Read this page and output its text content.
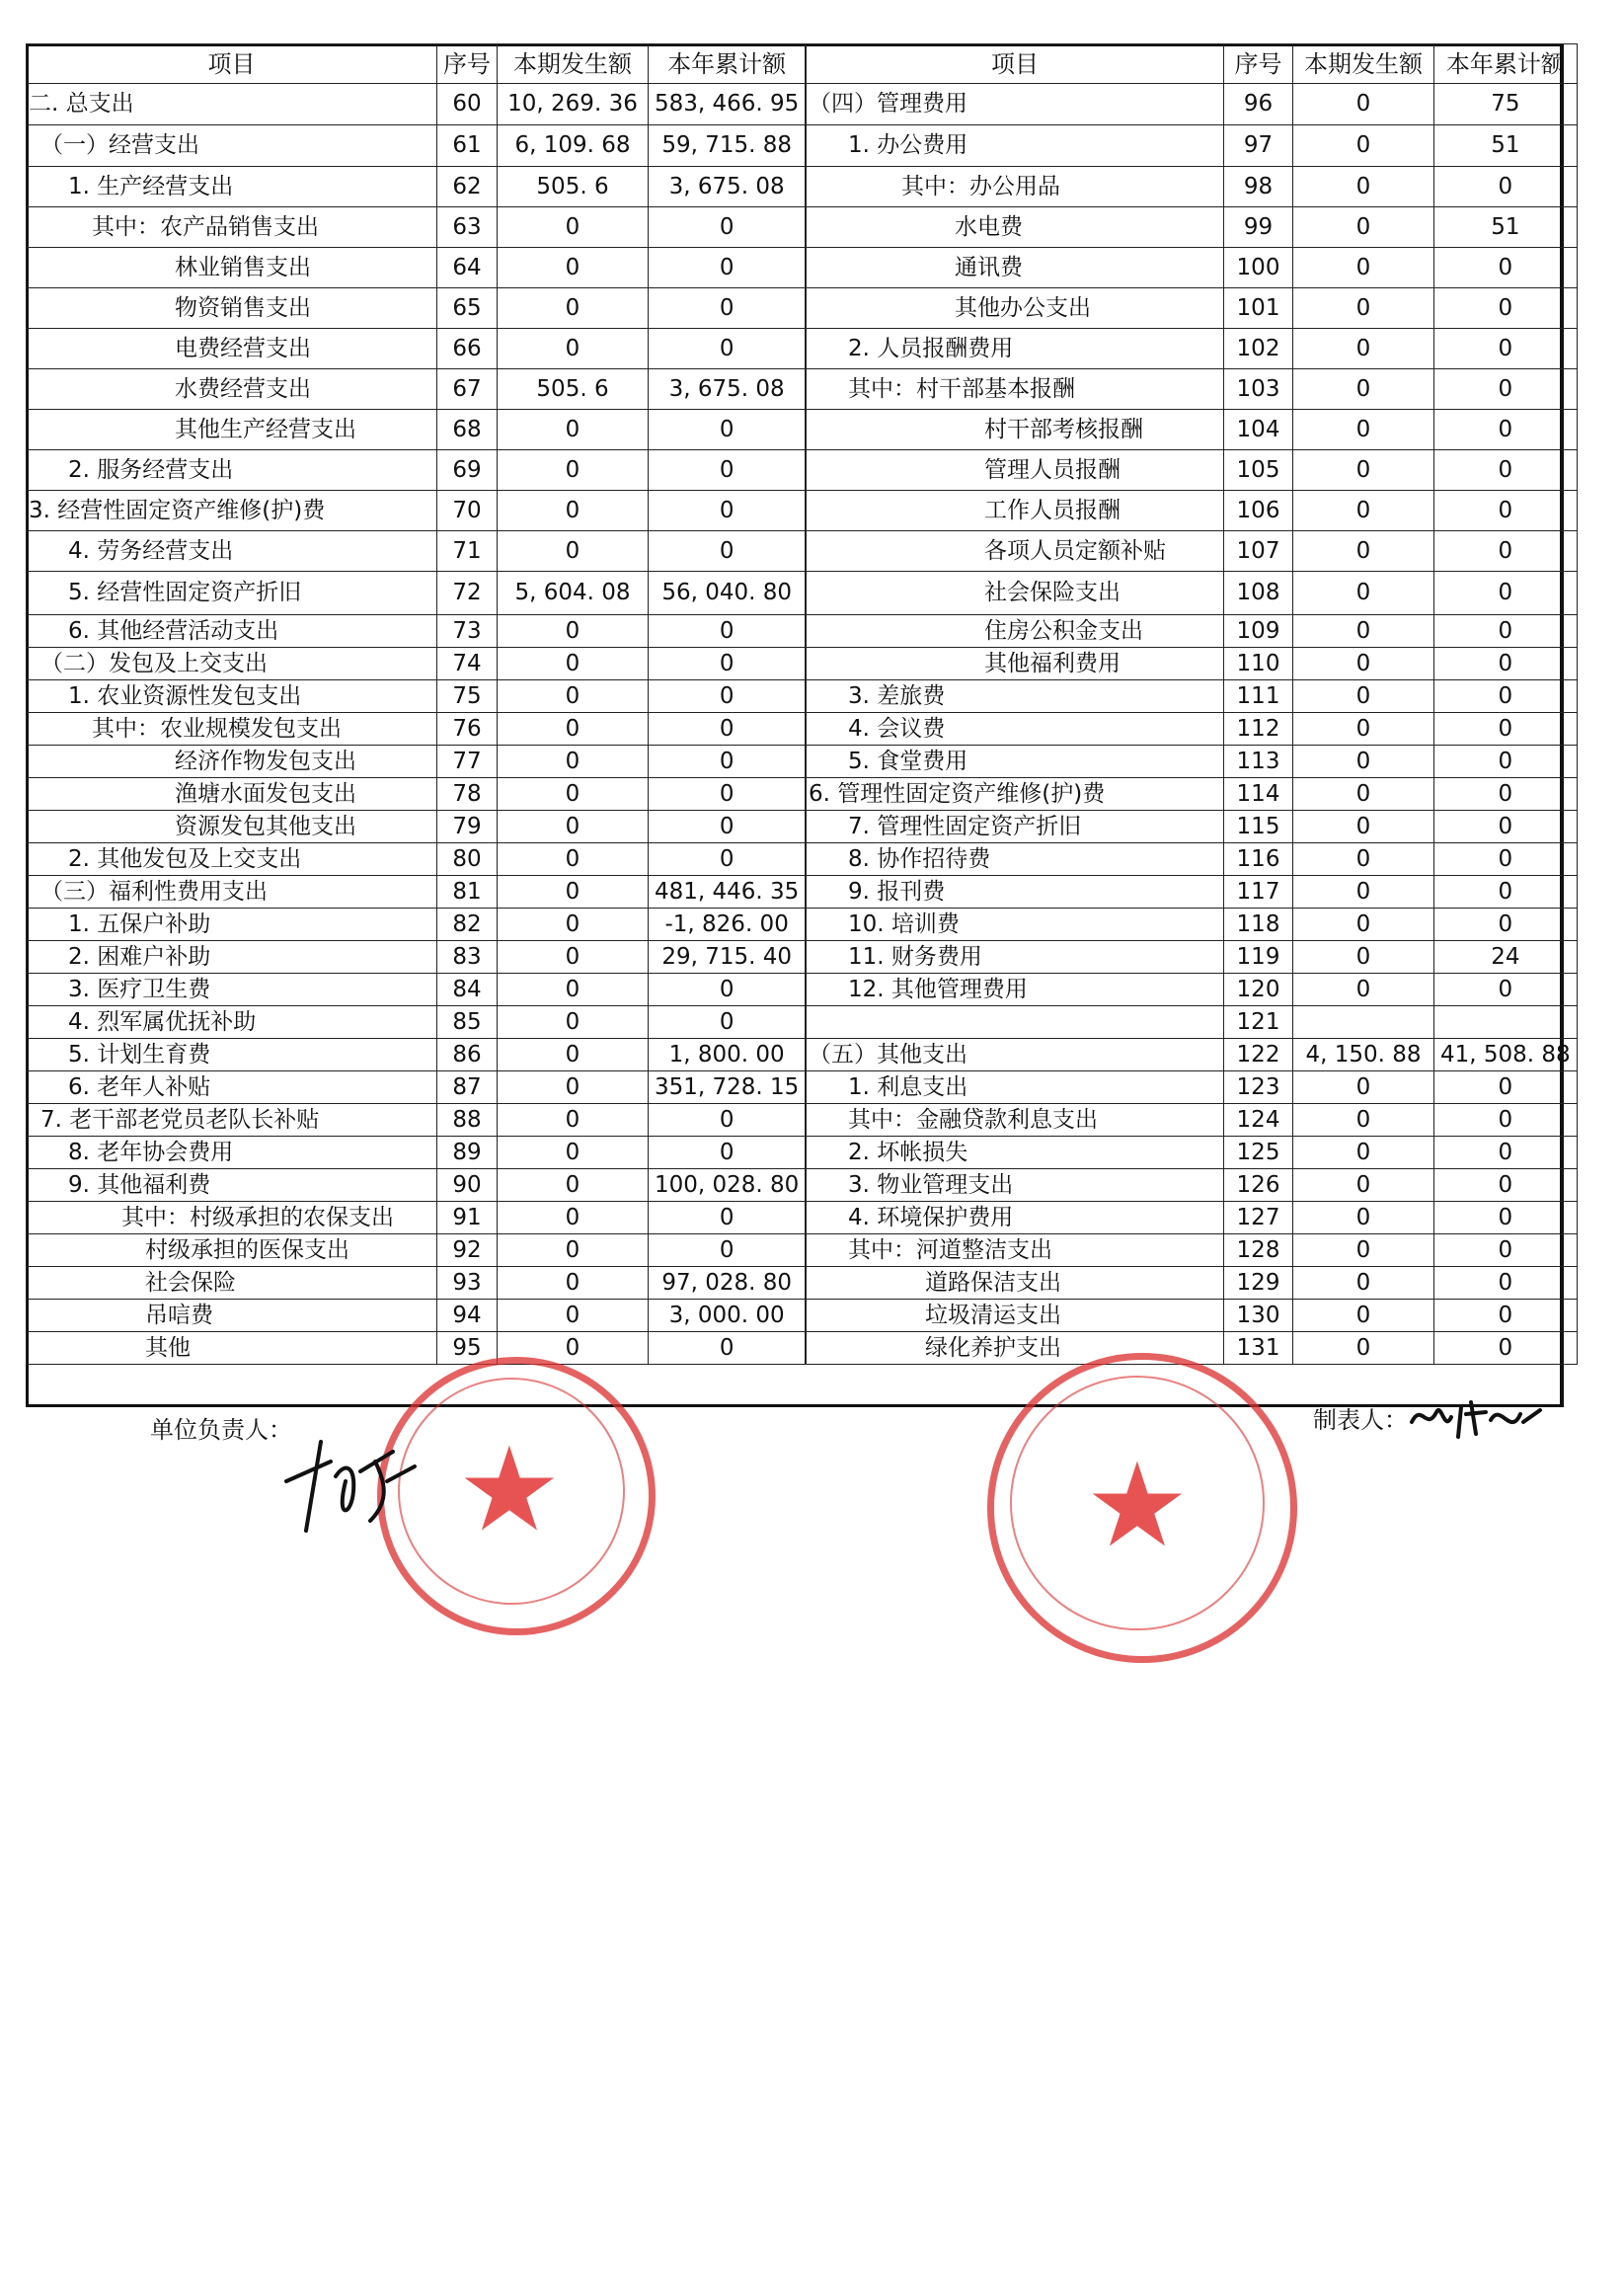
项目	序号	本期发生额	本年累计额
二. 总支出	60	10, 269. 36	583, 466. 95
（一）经营支出	61	6, 109. 68	59, 715. 88
1. 生产经营支出	62	505. 6	3, 675. 08
其中：农产品销售支出	63	0	0
林业销售支出	64	0	0
物资销售支出	65	0	0
电费经营支出	66	0	0
水费经营支出	67	505. 6	3, 675. 08
其他生产经营支出	68	0	0
2. 服务经营支出	69	0	0
3. 经营性固定资产维修(护)费	70	0	0
4. 劳务经营支出	71	0	0
5. 经营性固定资产折旧	72	5, 604. 08	56, 040. 80
6. 其他经营活动支出	73	0	0
（二）发包及上交支出	74	0	0
1. 农业资源性发包支出	75	0	0
其中：农业规模发包支出	76	0	0
经济作物发包支出	77	0	0
渔塘水面发包支出	78	0	0
资源发包其他支出	79	0	0
2. 其他发包及上交支出	80	0	0
（三）福利性费用支出	81	0	481, 446. 35
1. 五保户补助	82	0	-1, 826. 00
2. 困难户补助	83	0	29, 715. 40
3. 医疗卫生费	84	0	0
4. 烈军属优抚补助	85	0	0
5. 计划生育费	86	0	1, 800. 00
6. 老年人补贴	87	0	351, 728. 15
7. 老干部老党员老队长补贴	88	0	0
8. 老年协会费用	89	0	0
9. 其他福利费	90	0	100, 028. 80
其中：村级承担的农保支出	91	0	0
村级承担的医保支出	92	0	0
社会保险	93	0	97, 028. 80
吊唁费	94	0	3, 000. 00
其他	95	0	0
项目	序号	本期发生额	本年累计额
（四）管理费用	96	0	75
1. 办公费用	97	0	51
其中：办公用品	98	0	0
水电费	99	0	51
通讯费	100	0	0
其他办公支出	101	0	0
2. 人员报酬费用	102	0	0
其中：村干部基本报酬	103	0	0
村干部考核报酬	104	0	0
管理人员报酬	105	0	0
工作人员报酬	106	0	0
各项人员定额补贴	107	0	0
社会保险支出	108	0	0
住房公积金支出	109	0	0
其他福利费用	110	0	0
3. 差旅费	111	0	0
4. 会议费	112	0	0
5. 食堂费用	113	0	0
6. 管理性固定资产维修(护)费	114	0	0
7. 管理性固定资产折旧	115	0	0
8. 协作招待费	116	0	0
9. 报刊费	117	0	0
10. 培训费	118	0	0
11. 财务费用	119	0	24
12. 其他管理费用	120	0	0
	121		
（五）其他支出	122	4, 150. 88	41, 508. 88
1. 利息支出	123	0	0
其中：金融贷款利息支出	124	0	0
2. 坏帐损失	125	0	0
3. 物业管理支出	126	0	0
4. 环境保护费用	127	0	0
其中：河道整洁支出	128	0	0
道路保洁支出	129	0	0
垃圾清运支出	130	0	0
绿化养护支出	131	0	0
单位负责人：	制表人：
★	★
